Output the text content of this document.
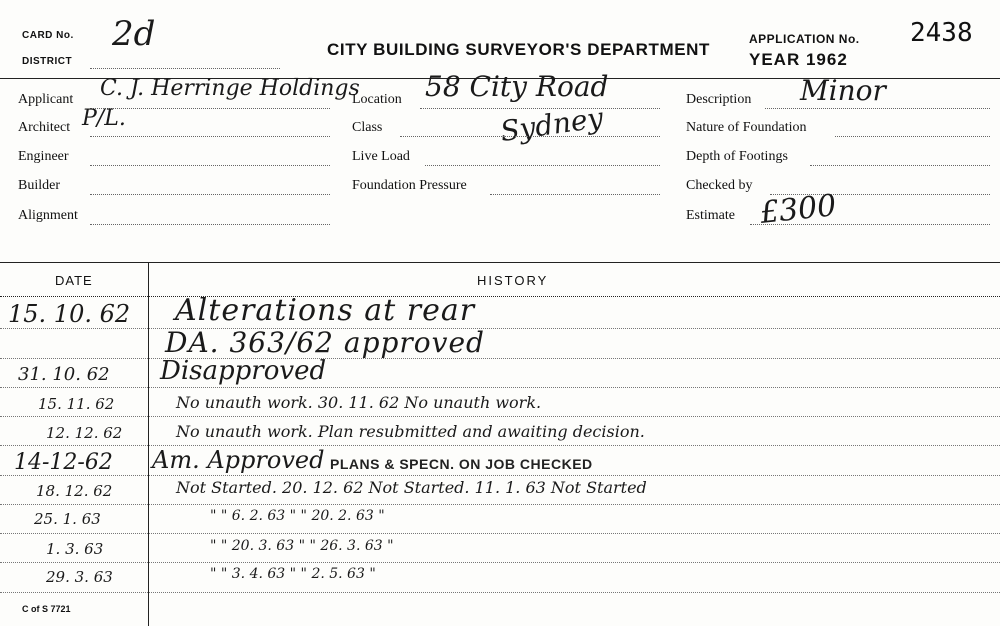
CARD No. 2d
DISTRICT
CITY BUILDING SURVEYOR'S DEPARTMENT
APPLICATION No. 2438
YEAR 1962
Applicant C. J. Herringe Holdings
Architect P/L.
Engineer
Builder
Alignment
Location 58 City Road
Class	Sydney
Live Load
Foundation Pressure
Description Minor
Nature of Foundation
Depth of Footings
Checked by
Estimate £300
DATE	HISTORY
15. 10. 62 Alterations at rear
DA. 363/62 approved
31. 10. 62 Disapproved
15. 11. 62	No unauth work. 30. 11. 62 No unauth work.
12. 12. 62	No unauth work. Plan resubmitted and awaiting decision.
14-12-62 Am. Approved PLANS & SPECN. ON JOB CHECKED
18. 12. 62	Not Started. 20. 12. 62 Not Started. 11. 1. 63 Not Started
25. 1. 63	" " 6. 2. 63 " " 20. 2. 63 "
1. 3. 63	" " 20. 3. 63 " " 26. 3. 63 "
29. 3. 63	" " 3. 4. 63 " " 2. 5. 63 "
C of S 7721
